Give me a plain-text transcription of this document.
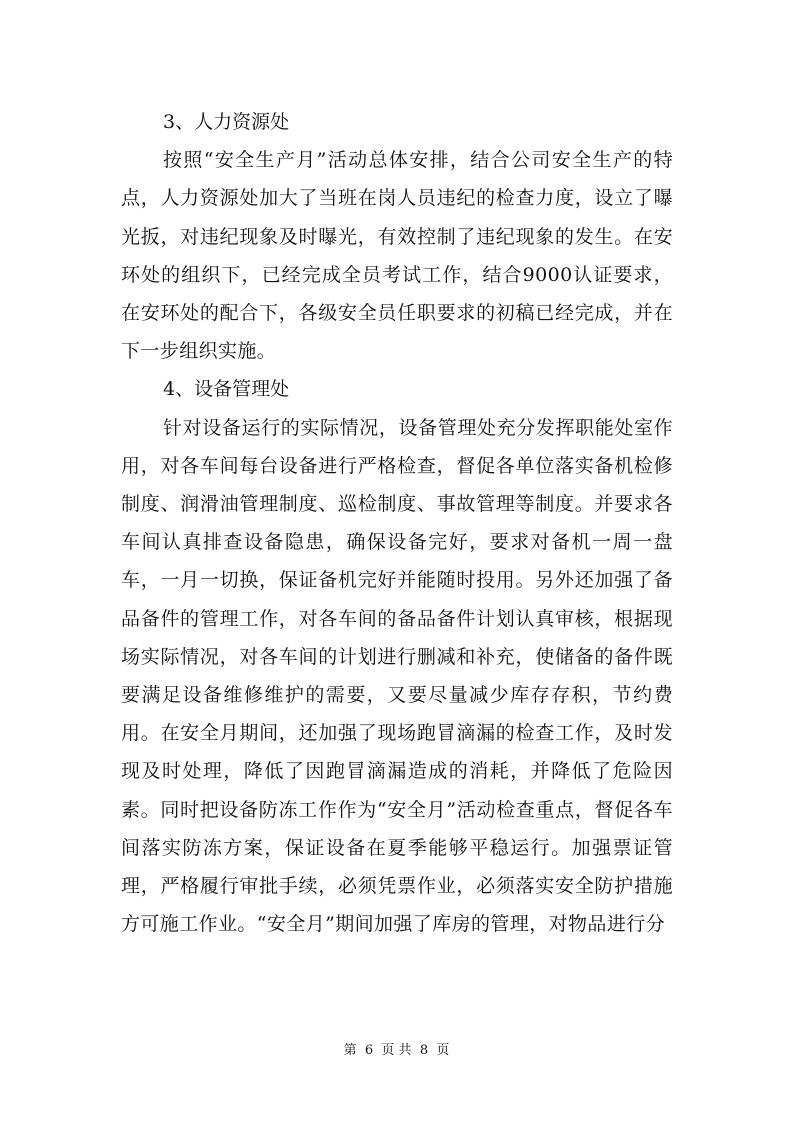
3、人力资源处

按照“安全生产月”活动总体安排，结合公司安全生产的特点，人力资源处加大了当班在岗人员违纪的检查力度，设立了曝光扳，对违纪现象及时曝光，有效控制了违纪现象的发生。在安环处的组织下，已经完成全员考试工作，结合9000认证要求，在安环处的配合下，各级安全员任职要求的初稿已经完成，并在下一步组织实施。

4、设备管理处

针对设备运行的实际情况，设备管理处充分发挥职能处室作用，对各车间每台设备进行严格检查，督促各单位落实备机检修制度、润滑油管理制度、巡检制度、事故管理等制度。并要求各车间认真排查设备隐患，确保设备完好，要求对备机一周一盘车，一月一切换，保证备机完好并能随时投用。另外还加强了备品备件的管理工作，对各车间的备品备件计划认真审核，根据现场实际情况，对各车间的计划进行删减和补充，使储备的备件既要满足设备维修维护的需要，又要尽量减少库存存积，节约费用。在安全月期间，还加强了现场跑冒滴漏的检查工作，及时发现及时处理，降低了因跑冒滴漏造成的消耗，并降低了危险因素。同时把设备防冻工作作为“安全月”活动检查重点，督促各车间落实防冻方案，保证设备在夏季能够平稳运行。加强票证管理，严格履行审批手续，必须凭票作业，必须落实安全防护措施方可施工作业。“安全月”期间加强了库房的管理，对物品进行分

第  6  页 共  8  页
